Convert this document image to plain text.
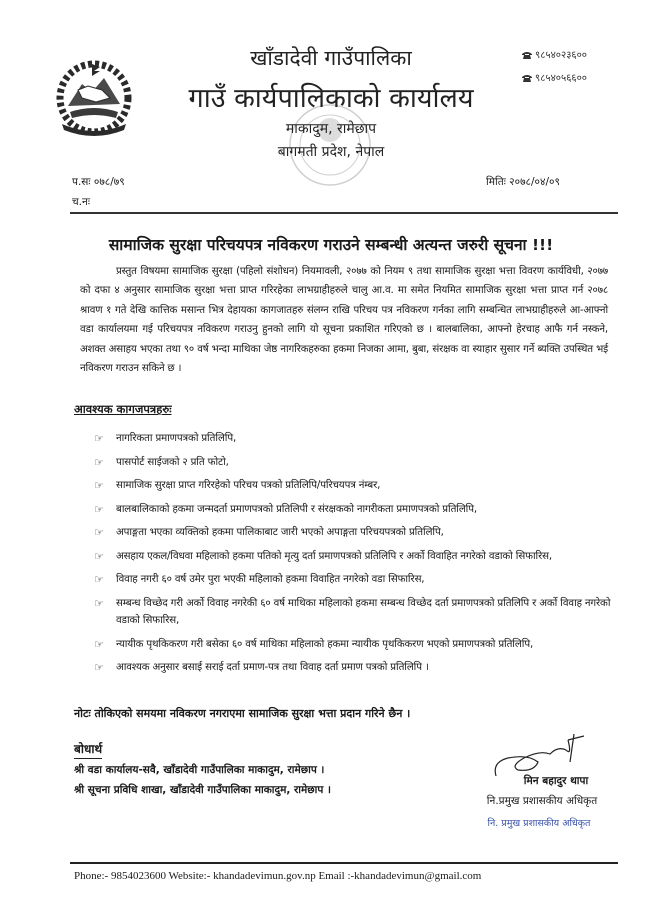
खाँडादेवी गाउँपालिका
गाउँ कार्यपालिकाको कार्यालय
माकादुम, रामेछाप
बागमती प्रदेश, नेपाल
९८५४०२३६००
९८५४०५६६००
प.सः ०७८/७९
च.नः
मितिः २०७८/०४/०९
सामाजिक सुरक्षा परिचयपत्र नविकरण गराउने सम्बन्धी अत्यन्त जरुरी सूचना !!!

प्रस्तुत विषयमा सामाजिक सुरक्षा (पहिलो संशोधन) नियमावली, २०७७ को नियम ९ तथा सामाजिक सुरक्षा भत्ता विवरण कार्यविधी, २०७७ को दफा ४ अनुसार सामाजिक सुरक्षा भत्ता प्राप्त गरिरहेका लाभग्राहीहरुले चालु आ.व. मा समेत नियमित सामाजिक सुरक्षा भत्ता प्राप्त गर्न २०७८ श्रावण १ गते देखि कात्तिक मसान्त भित्र देहायका कागजातहरु संलग्न राखि परिचय पत्र नविकरण गर्नका लागि सम्बन्धित लाभग्राहीहरुले आ-आफ्नो वडा कार्यालयमा गई परिचयपत्र नविकरण गराउनु हुनको लागि यो सूचना प्रकाशित गरिएको छ । बालबालिका, आफ्नो हेरचाह आफै गर्न नस्कने, अशक्त असाहय भएका तथा ९० वर्ष भन्दा माथिका जेष्ठ नागरिकहरुका हकमा निजका आमा, बुबा, संरक्षक वा स्याहार सुसार गर्ने ब्यक्ति उपस्थित भई नविकरण गराउन सकिने छ ।

आवश्यक कागजपत्रहरुः
☞ नागरिकता प्रमाणपत्रको प्रतिलिपि,
☞ पासपोर्ट साईजको २ प्रति फोटो,
☞ सामाजिक सुरक्षा प्राप्त गरिरहेको परिचय पत्रको प्रतिलिपि/परिचयपत्र नंम्बर,
☞ बालबालिकाको हकमा जन्मदर्ता प्रमाणपत्रको प्रतिलिपी र संरक्षकको नागरीकता प्रमाणपत्रको प्रतिलिपि,
☞ अपाङ्गता भएका व्यक्तिको हकमा पालिकाबाट जारी भएको अपाङ्गता परिचयपत्रको प्रतिलिपि,
☞ असहाय एकल/विधवा महिलाको हकमा पतिको मृत्यु दर्ता प्रमाणपत्रको प्रतिलिपि र अर्को विवाहित नगरेको वडाको सिफारिस,
☞ विवाह नगरी ६० वर्ष उमेर पुरा भएकी महिलाको हकमा विवाहित नगरेको वडा सिफारिस,
☞ सम्बन्ध विच्छेद गरी अर्को विवाह नगरेकी ६० वर्ष माथिका महिलाको हकमा सम्बन्ध विच्छेद दर्ता प्रमाणपत्रको प्रतिलिपि र अर्को विवाह नगरेको वडाको सिफारिस,
☞ न्यायीक पृथकिकरण गरी बसेका ६० वर्ष माथिका महिलाको हकमा न्यायीक पृथकिकरण भएको प्रमाणपत्रको प्रतिलिपि,
☞ आवश्यक अनुसार बसाई सराई दर्ता प्रमाण-पत्र तथा विवाह दर्ता प्रमाण पत्रको प्रतिलिपि ।
नोटः तोकिएको समयमा नविकरण नगराएमा सामाजिक सुरक्षा भत्ता प्रदान गरिने छैन ।
बोधार्थ
श्री वडा कार्यालय-सवै, खाँडादेवी गाउँपालिका माकादुम, रामेछाप ।
श्री सूचना प्रविधि शाखा, खाँडादेवी गाउँपालिका माकादुम, रामेछाप ।
मिन बहादुर थापा
नि.प्रमुख प्रशासकीय अधिकृत
नि. प्रमुख प्रशासकीय अधिकृत
Phone:- 9854023600 Website:- khandadevimun.gov.np Email :-khandadevimun@gmail.com
